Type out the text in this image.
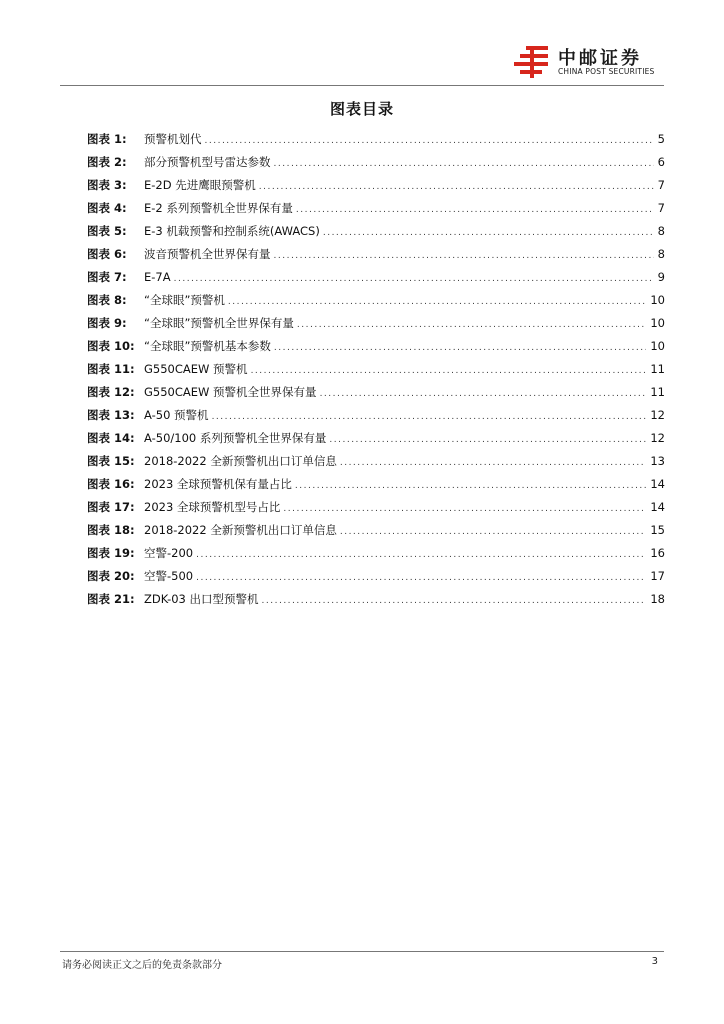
中邮证券
CHINA POST SECURITIES
图表目录
图表 1:	预警机划代 .....	5
图表 2:	部分预警机型号雷达参数 .....	6
图表 3:	E-2D 先进鹰眼预警机 .....	7
图表 4:	E-2 系列预警机全世界保有量 .....	7
图表 5:	E-3 机载预警和控制系统(AWACS) .....	8
图表 6:	波音预警机全世界保有量 .....	8
图表 7:	E-7A .....	9
图表 8:	“全球眼”预警机 .....	10
图表 9:	“全球眼”预警机全世界保有量 .....	10
图表 10: “全球眼”预警机基本参数 .....	10
图表 11: G550CAEW 预警机 .....	11
图表 12: G550CAEW 预警机全世界保有量 .....	11
图表 13: A-50 预警机 .....	12
图表 14: A-50/100 系列预警机全世界保有量 .....	12
图表 15: 2018-2022 全新预警机出口订单信息 .....	13
图表 16: 2023 全球预警机保有量占比 .....	14
图表 17: 2023 全球预警机型号占比 .....	14
图表 18: 2018-2022 全新预警机出口订单信息 .....	15
图表 19: 空警-200 .....	16
图表 20: 空警-500 .....	17
图表 21: ZDK-03 出口型预警机 .....	18
请务必阅读正文之后的免责条款部分	3
